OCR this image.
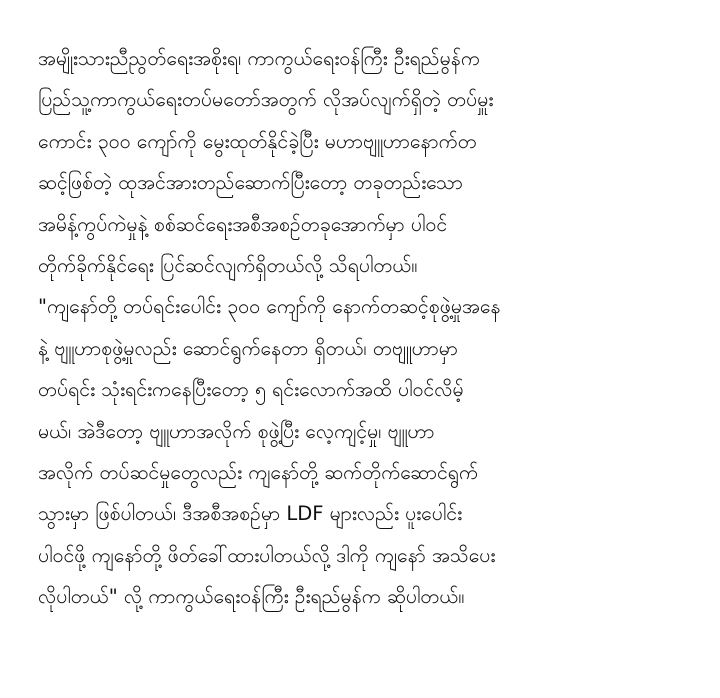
အမျိုးသားညီညွတ်ရေးအစိုးရ၊ ကာကွယ်ရေးဝန်ကြီး ဦးရည်မွန်က
ပြည်သူ့ကာကွယ်ရေးတပ်မတော်အတွက် လိုအပ်လျက်ရှိတဲ့ တပ်မှူး
ကောင်း ၃၀၀ ကျော်ကို မွေးထုတ်နိုင်ခဲ့ပြီး မဟာဗျူဟာနောက်တ
ဆင့်ဖြစ်တဲ့ ထုအင်အားတည်ဆောက်ပြီးတော့ တခုတည်းသော
အမိန့်ကွပ်ကဲမှုနဲ့ စစ်ဆင်ရေးအစီအစဉ်တခုအောက်မှာ ပါဝင်
တိုက်ခိုက်နိုင်ရေး ပြင်ဆင်လျက်ရှိတယ်လို့ သိရပါတယ်။
"ကျနော်တို့ တပ်ရင်းပေါင်း ၃၀၀ ကျော်ကို နောက်တဆင့်စုဖွဲ့မှုအနေ
နဲ့ ဗျူဟာစုဖွဲ့မှုလည်း ဆောင်ရွက်နေတာ ရှိတယ်၊ တဗျူဟာမှာ
တပ်ရင်း သုံးရင်းကနေပြီးတော့ ၅ ရင်းလောက်အထိ ပါဝင်လိမ့်
မယ်၊ အဲဒီတော့ ဗျူဟာအလိုက် စုဖွဲ့ပြီး လေ့ကျင့်မှု၊ ဗျူဟာ
အလိုက် တပ်ဆင်မှုတွေလည်း ကျနော်တို့ ဆက်တိုက်ဆောင်ရွက်
သွားမှာ ဖြစ်ပါတယ်၊ ဒီအစီအစဉ်မှာ LDF များလည်း ပူးပေါင်း
ပါဝင်ဖို့ ကျနော်တို့ ဖိတ်ခေါ်ထားပါတယ်လို့ ဒါကို ကျနော် အသိပေး
လိုပါတယ်" လို့ ကာကွယ်ရေးဝန်ကြီး ဦးရည်မွန်က ဆိုပါတယ်။
